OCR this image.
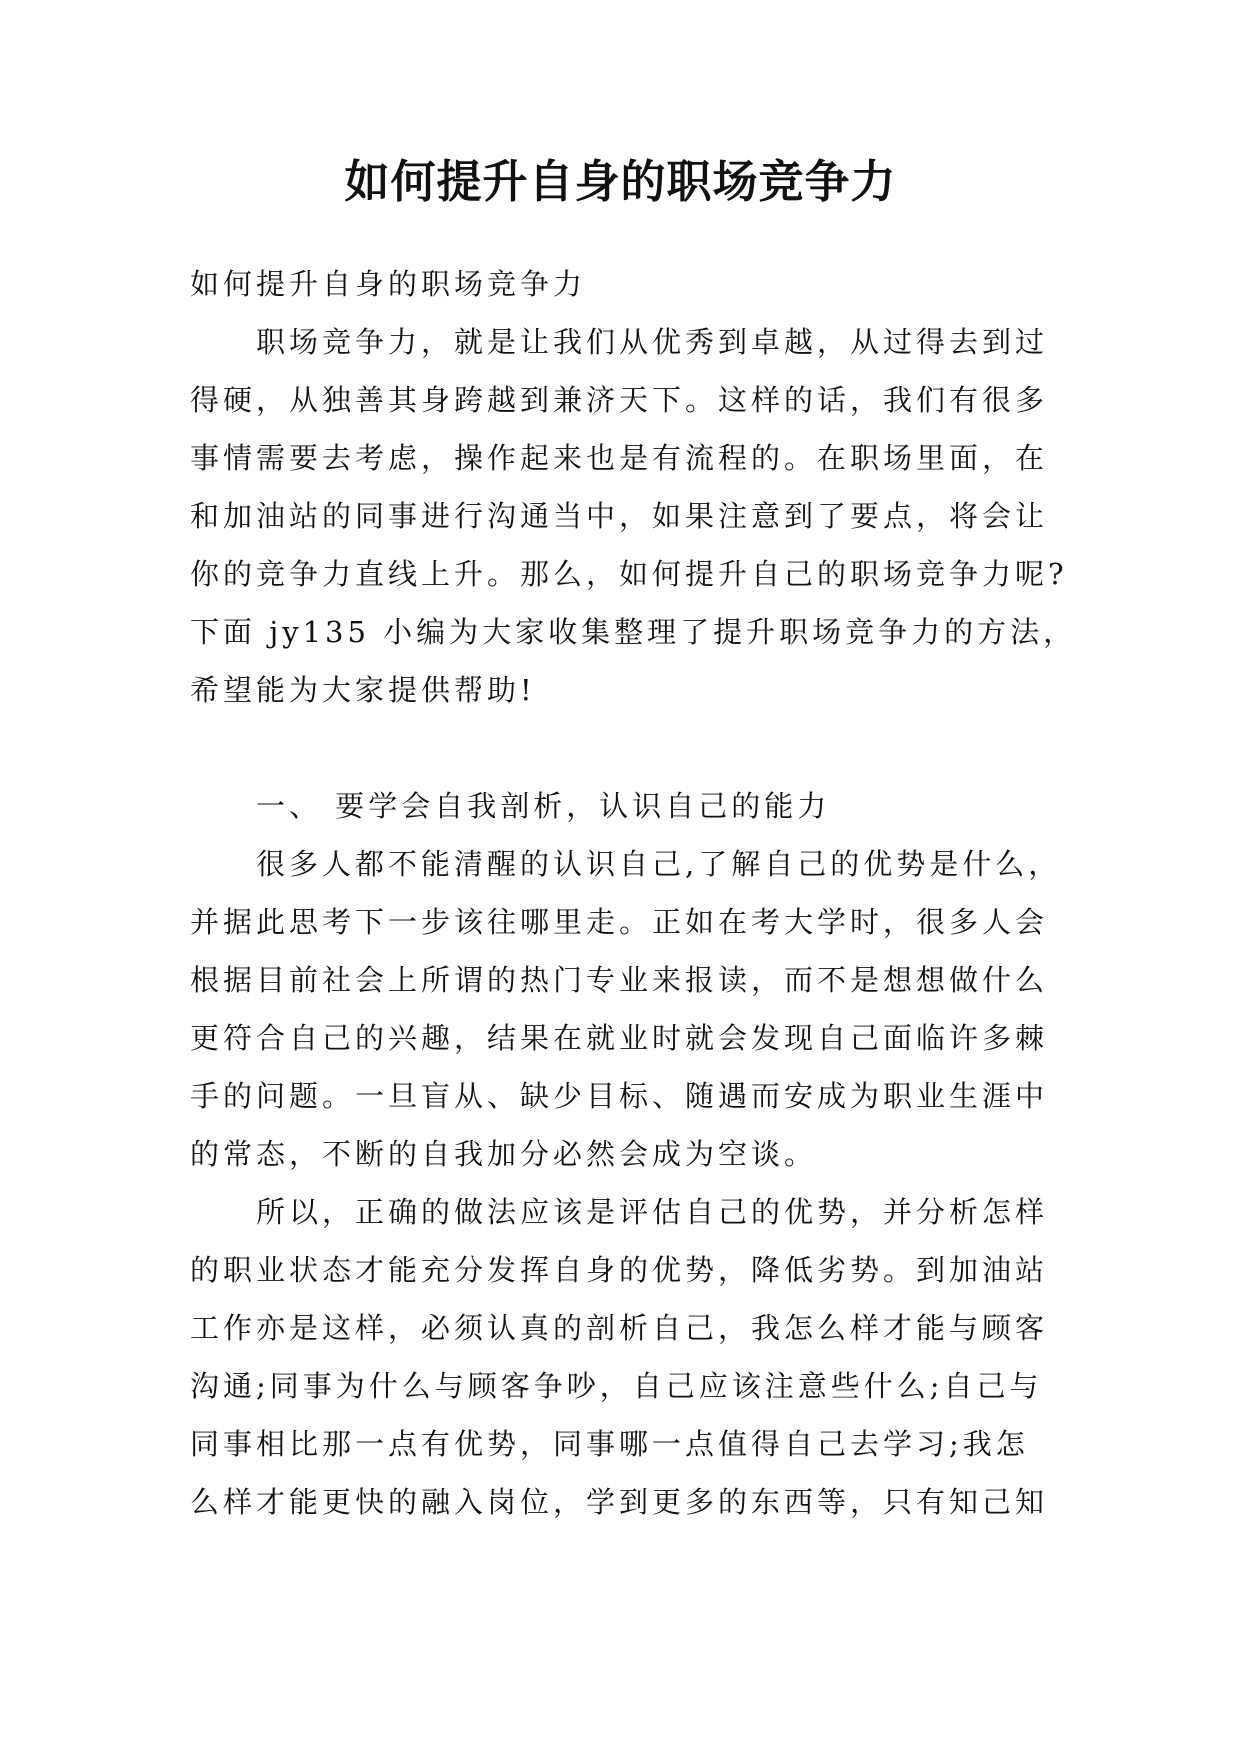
如何提升自身的职场竞争力
如何提升自身的职场竞争力
　　职场竞争力，就是让我们从优秀到卓越，从过得去到过
得硬，从独善其身跨越到兼济天下。这样的话，我们有很多
事情需要去考虑，操作起来也是有流程的。在职场里面，在
和加油站的同事进行沟通当中，如果注意到了要点，将会让
你的竞争力直线上升。那么，如何提升自己的职场竞争力呢?
下面 jy135 小编为大家收集整理了提升职场竞争力的方法，
希望能为大家提供帮助!
　　一、 要学会自我剖析，认识自己的能力
　　很多人都不能清醒的认识自己,了解自己的优势是什么，
并据此思考下一步该往哪里走。正如在考大学时，很多人会
根据目前社会上所谓的热门专业来报读，而不是想想做什么
更符合自己的兴趣，结果在就业时就会发现自己面临许多棘
手的问题。一旦盲从、缺少目标、随遇而安成为职业生涯中
的常态，不断的自我加分必然会成为空谈。
　　所以，正确的做法应该是评估自己的优势，并分析怎样
的职业状态才能充分发挥自身的优势，降低劣势。到加油站
工作亦是这样，必须认真的剖析自己，我怎么样才能与顾客
沟通;同事为什么与顾客争吵，自己应该注意些什么;自己与
同事相比那一点有优势，同事哪一点值得自己去学习;我怎
么样才能更快的融入岗位，学到更多的东西等，只有知己知
